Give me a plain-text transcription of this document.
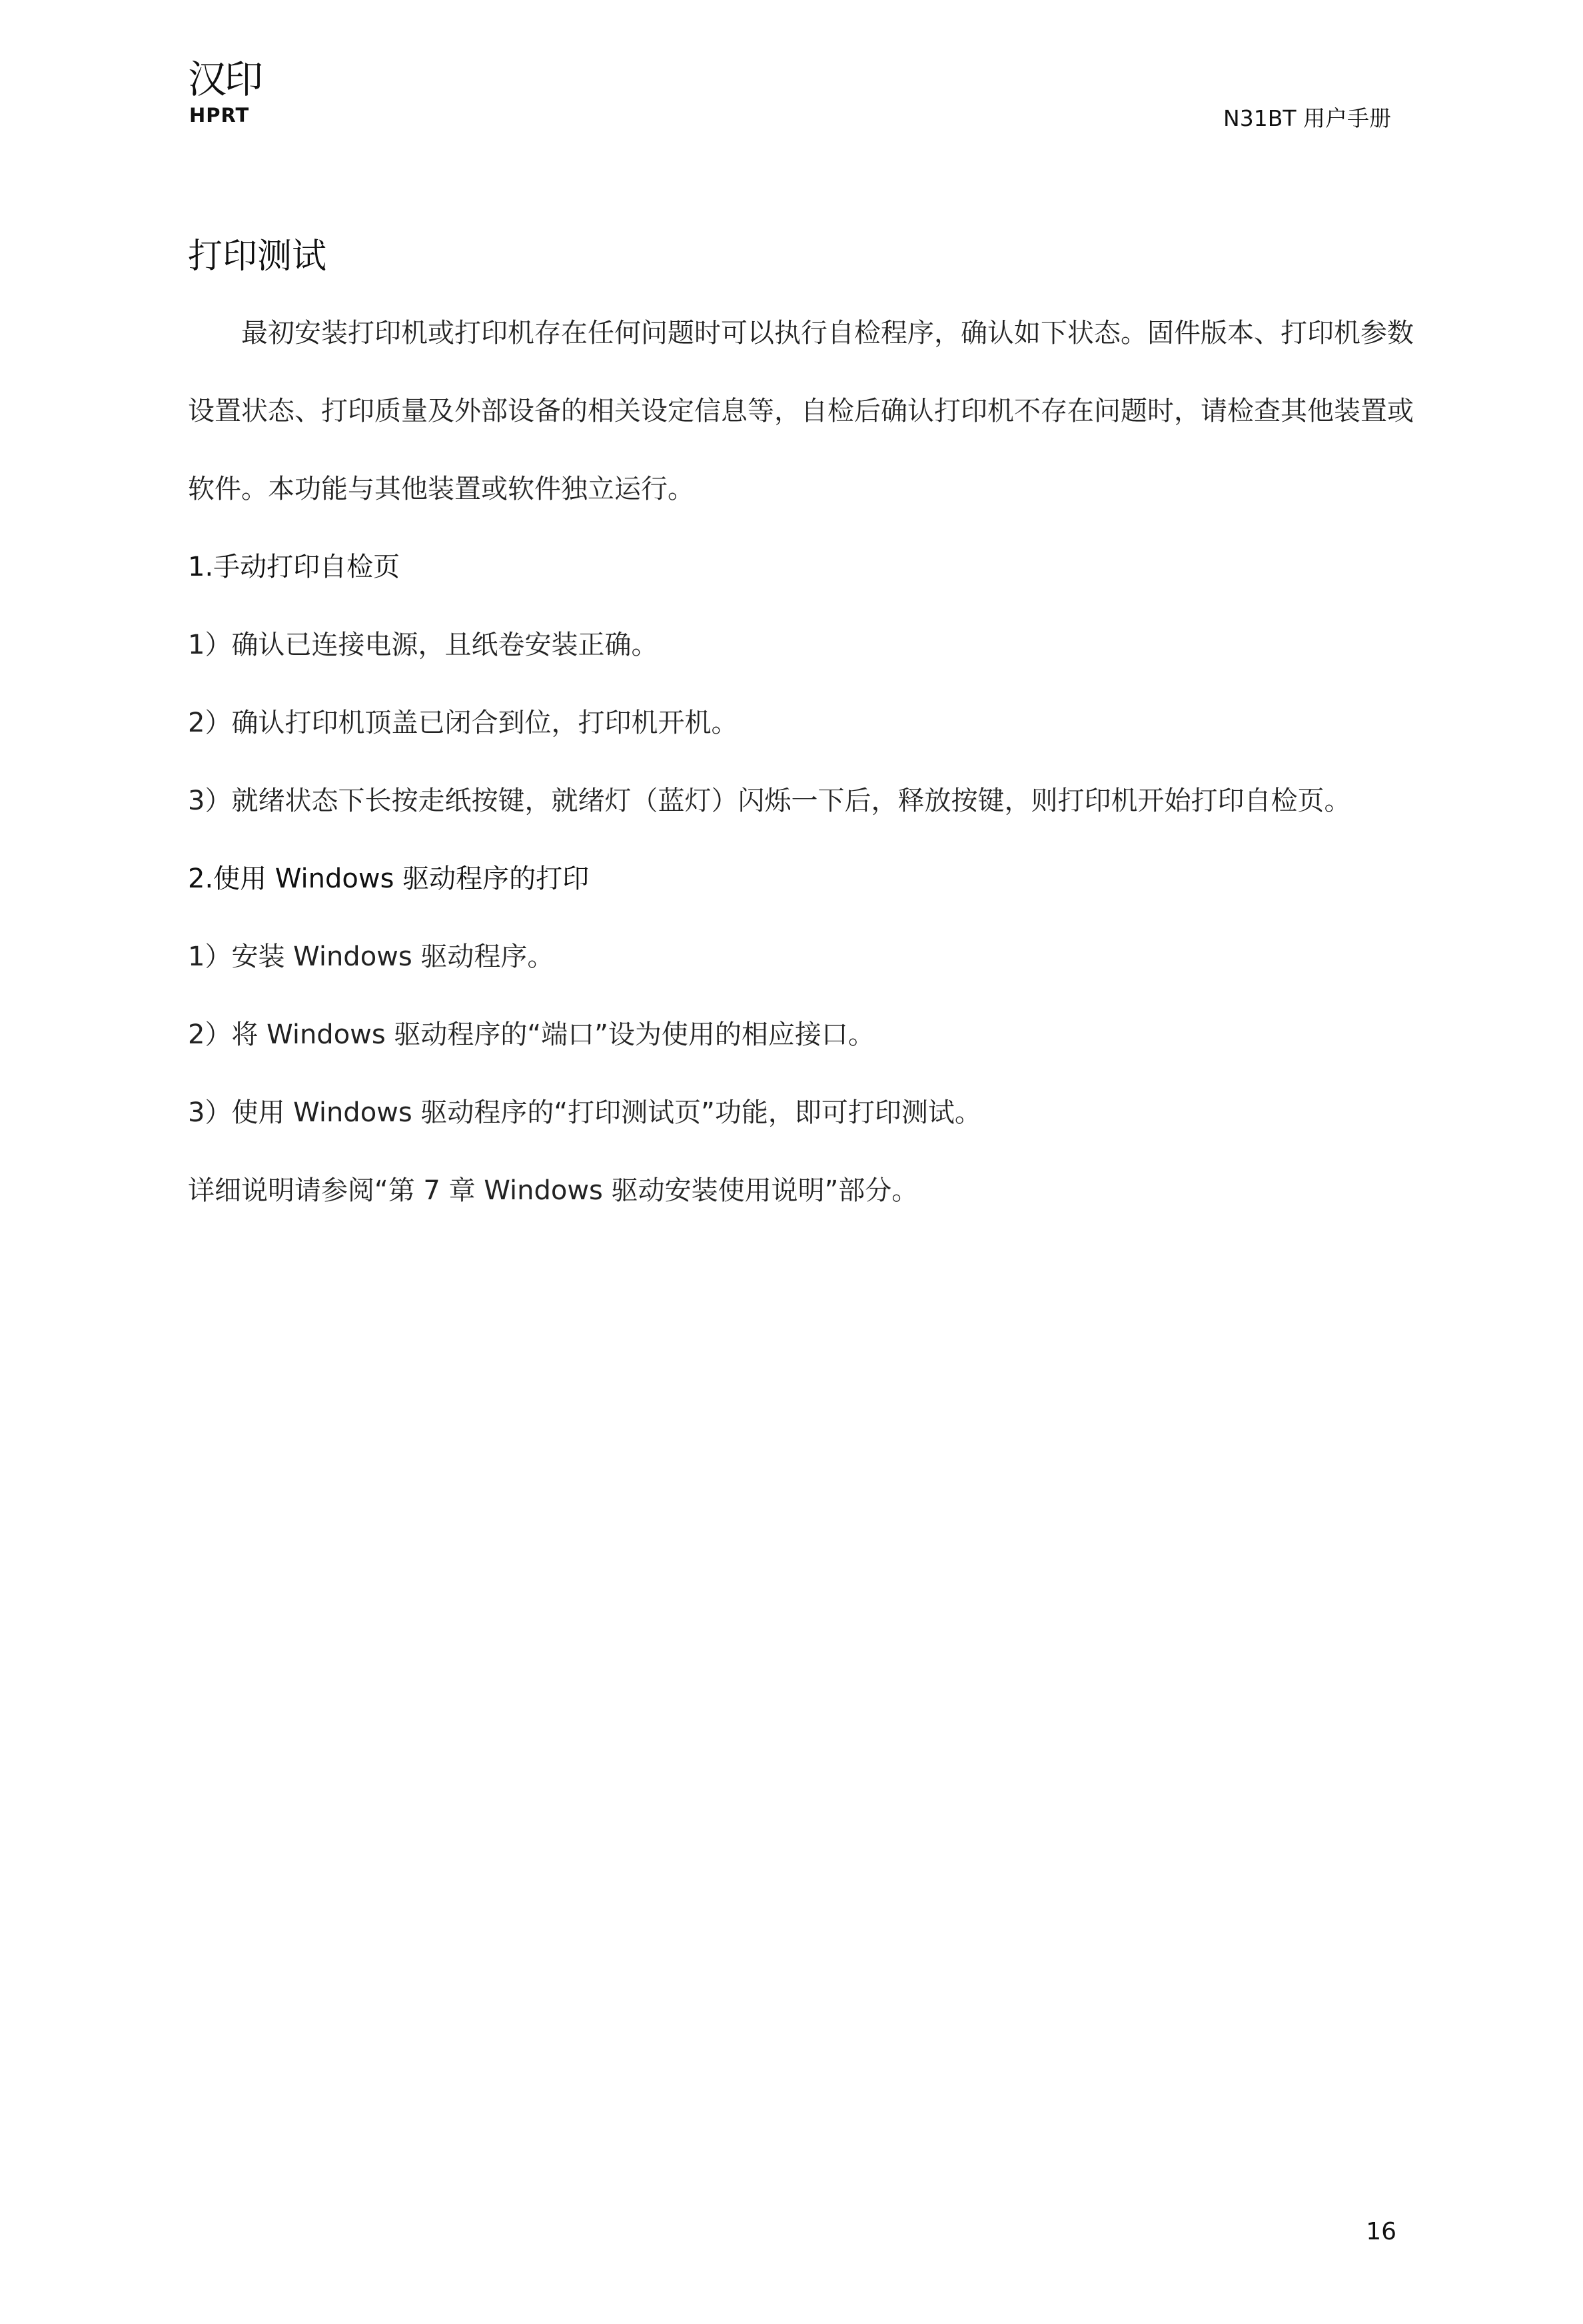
汉印
HPRT	N31BT 用户手册
打印测试

最初安装打印机或打印机存在任何问题时可以执行自检程序，确认如下状态。固件版本、打印机参数设置状态、打印质量及外部设备的相关设定信息等，自检后确认打印机不存在问题时，请检查其他装置或软件。本功能与其他装置或软件独立运行。

1.手动打印自检页
1）确认已连接电源，且纸卷安装正确。
2）确认打印机顶盖已闭合到位，打印机开机。
3）就绪状态下长按走纸按键，就绪灯（蓝灯）闪烁一下后，释放按键，则打印机开始打印自检页。
2.使用 Windows 驱动程序的打印
1）安装 Windows 驱动程序。
2）将 Windows 驱动程序的“端口”设为使用的相应接口。
3）使用 Windows 驱动程序的“打印测试页”功能，即可打印测试。
详细说明请参阅“第 7 章 Windows 驱动安装使用说明”部分。
16
